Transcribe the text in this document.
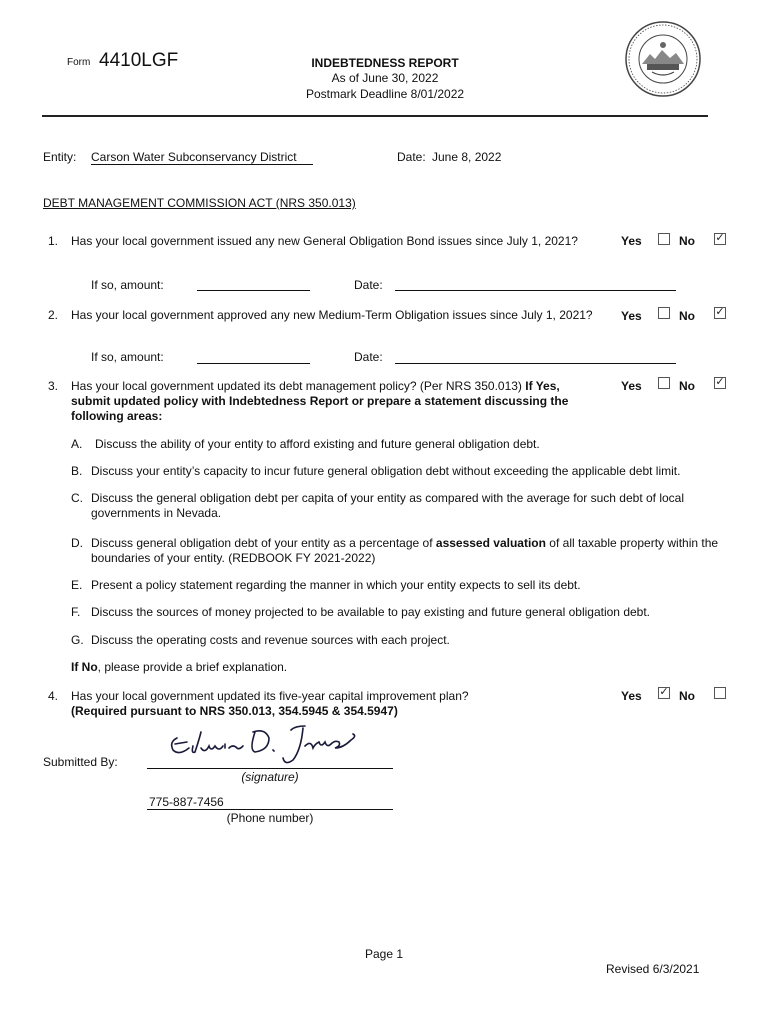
Form 4410LGF	INDEBTEDNESS REPORT
As of June 30, 2022
Postmark Deadline 8/01/2022
Entity: Carson Water Subconservancy District	Date: June 8, 2022
DEBT MANAGEMENT COMMISSION ACT (NRS 350.013)
1. Has your local government issued any new General Obligation Bond issues since July 1, 2021?	Yes	No ✓
If so, amount:	Date:
2. Has your local government approved any new Medium-Term Obligation issues since July 1, 2021? Yes	No ✓
If so, amount:	Date:
3. Has your local government updated its debt management policy? (Per NRS 350.013) If Yes, submit updated policy with Indebtedness Report or prepare a statement discussing the following areas:
Yes	No ✓
A. Discuss the ability of your entity to afford existing and future general obligation debt.
B. Discuss your entity’s capacity to incur future general obligation debt without exceeding the applicable debt limit.
C. Discuss the general obligation debt per capita of your entity as compared with the average for such debt of local governments in Nevada.
D. Discuss general obligation debt of your entity as a percentage of assessed valuation of all taxable property within the boundaries of your entity. (REDBOOK FY 2021-2022)
E. Present a policy statement regarding the manner in which your entity expects to sell its debt.
F. Discuss the sources of money projected to be available to pay existing and future general obligation debt.
G. Discuss the operating costs and revenue sources with each project.
If No, please provide a brief explanation.
4. Has your local government updated its five-year capital improvement plan?
(Required pursuant to NRS 350.013, 354.5945 & 354.5947)
Yes ✓ No
Submitted By:
(signature)
775-887-7456
(Phone number)
Page 1
Revised 6/3/2021
